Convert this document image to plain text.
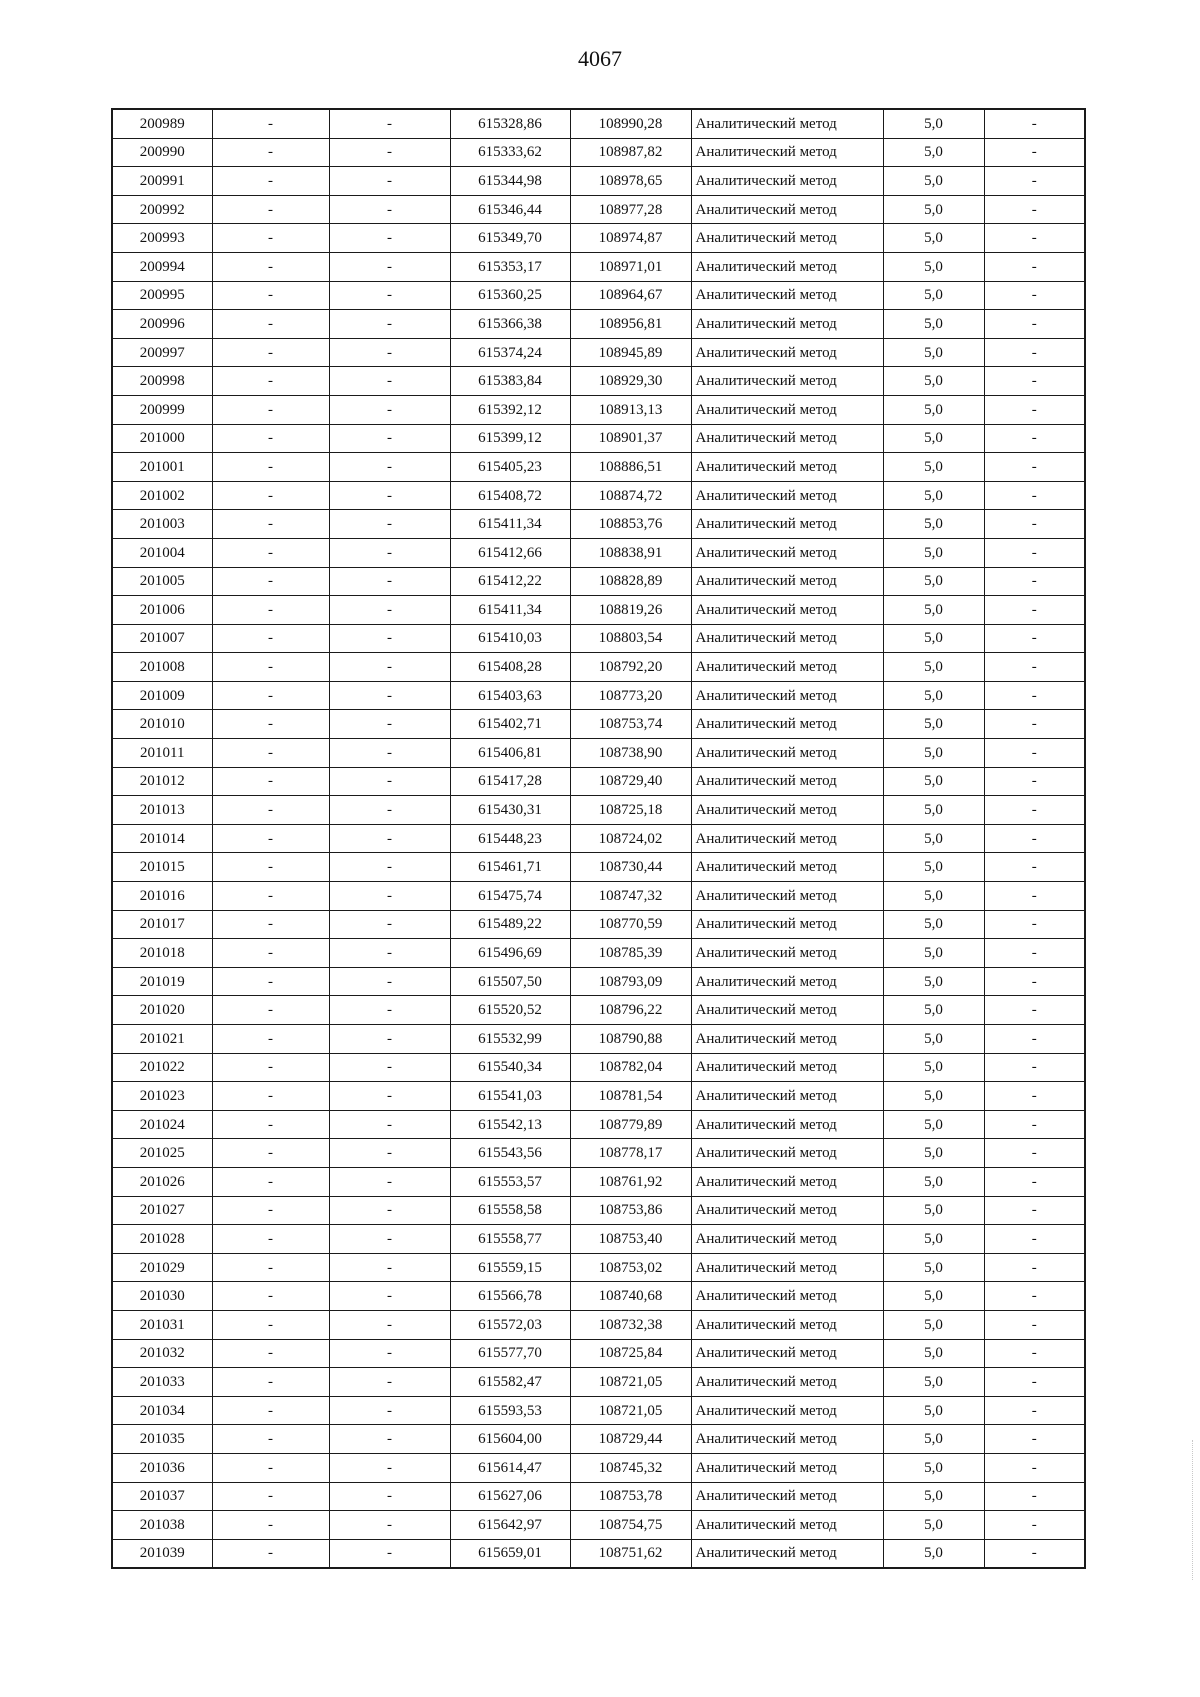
4067
200989	-	-	615328,86	108990,28	Аналитический метод	5,0	-
200990	-	-	615333,62	108987,82	Аналитический метод	5,0	-
200991	-	-	615344,98	108978,65	Аналитический метод	5,0	-
200992	-	-	615346,44	108977,28	Аналитический метод	5,0	-
200993	-	-	615349,70	108974,87	Аналитический метод	5,0	-
200994	-	-	615353,17	108971,01	Аналитический метод	5,0	-
200995	-	-	615360,25	108964,67	Аналитический метод	5,0	-
200996	-	-	615366,38	108956,81	Аналитический метод	5,0	-
200997	-	-	615374,24	108945,89	Аналитический метод	5,0	-
200998	-	-	615383,84	108929,30	Аналитический метод	5,0	-
200999	-	-	615392,12	108913,13	Аналитический метод	5,0	-
201000	-	-	615399,12	108901,37	Аналитический метод	5,0	-
201001	-	-	615405,23	108886,51	Аналитический метод	5,0	-
201002	-	-	615408,72	108874,72	Аналитический метод	5,0	-
201003	-	-	615411,34	108853,76	Аналитический метод	5,0	-
201004	-	-	615412,66	108838,91	Аналитический метод	5,0	-
201005	-	-	615412,22	108828,89	Аналитический метод	5,0	-
201006	-	-	615411,34	108819,26	Аналитический метод	5,0	-
201007	-	-	615410,03	108803,54	Аналитический метод	5,0	-
201008	-	-	615408,28	108792,20	Аналитический метод	5,0	-
201009	-	-	615403,63	108773,20	Аналитический метод	5,0	-
201010	-	-	615402,71	108753,74	Аналитический метод	5,0	-
201011	-	-	615406,81	108738,90	Аналитический метод	5,0	-
201012	-	-	615417,28	108729,40	Аналитический метод	5,0	-
201013	-	-	615430,31	108725,18	Аналитический метод	5,0	-
201014	-	-	615448,23	108724,02	Аналитический метод	5,0	-
201015	-	-	615461,71	108730,44	Аналитический метод	5,0	-
201016	-	-	615475,74	108747,32	Аналитический метод	5,0	-
201017	-	-	615489,22	108770,59	Аналитический метод	5,0	-
201018	-	-	615496,69	108785,39	Аналитический метод	5,0	-
201019	-	-	615507,50	108793,09	Аналитический метод	5,0	-
201020	-	-	615520,52	108796,22	Аналитический метод	5,0	-
201021	-	-	615532,99	108790,88	Аналитический метод	5,0	-
201022	-	-	615540,34	108782,04	Аналитический метод	5,0	-
201023	-	-	615541,03	108781,54	Аналитический метод	5,0	-
201024	-	-	615542,13	108779,89	Аналитический метод	5,0	-
201025	-	-	615543,56	108778,17	Аналитический метод	5,0	-
201026	-	-	615553,57	108761,92	Аналитический метод	5,0	-
201027	-	-	615558,58	108753,86	Аналитический метод	5,0	-
201028	-	-	615558,77	108753,40	Аналитический метод	5,0	-
201029	-	-	615559,15	108753,02	Аналитический метод	5,0	-
201030	-	-	615566,78	108740,68	Аналитический метод	5,0	-
201031	-	-	615572,03	108732,38	Аналитический метод	5,0	-
201032	-	-	615577,70	108725,84	Аналитический метод	5,0	-
201033	-	-	615582,47	108721,05	Аналитический метод	5,0	-
201034	-	-	615593,53	108721,05	Аналитический метод	5,0	-
201035	-	-	615604,00	108729,44	Аналитический метод	5,0	-
201036	-	-	615614,47	108745,32	Аналитический метод	5,0	-
201037	-	-	615627,06	108753,78	Аналитический метод	5,0	-
201038	-	-	615642,97	108754,75	Аналитический метод	5,0	-
201039	-	-	615659,01	108751,62	Аналитический метод	5,0	-
